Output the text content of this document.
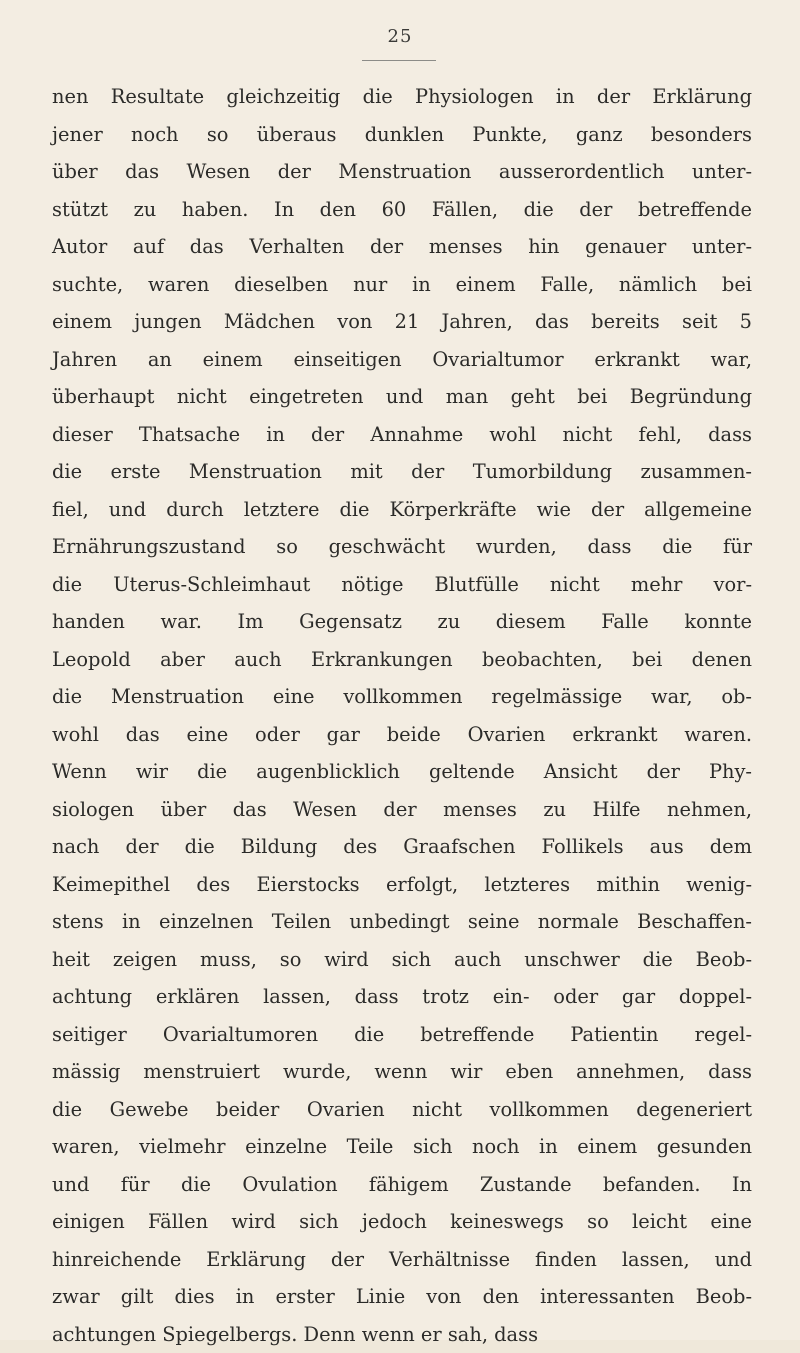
25
nen Resultate gleichzeitig die Physiologen in der Erklärung
jener noch so überaus dunklen Punkte, ganz besonders
über das Wesen der Menstruation ausserordentlich unter-
stützt zu haben. In den 60 Fällen, die der betreffende
Autor auf das Verhalten der menses hin genauer unter-
suchte, waren dieselben nur in einem Falle, nämlich bei
einem jungen Mädchen von 21 Jahren, das bereits seit 5
Jahren an einem einseitigen Ovarialtumor erkrankt war,
überhaupt nicht eingetreten und man geht bei Begründung
dieser Thatsache in der Annahme wohl nicht fehl, dass
die erste Menstruation mit der Tumorbildung zusammen-
fiel, und durch letztere die Körperkräfte wie der allgemeine
Ernährungszustand so geschwächt wurden, dass die für
die Uterus-Schleimhaut nötige Blutfülle nicht mehr vor-
handen war. Im Gegensatz zu diesem Falle konnte
Leopold aber auch Erkrankungen beobachten, bei denen
die Menstruation eine vollkommen regelmässige war, ob-
wohl das eine oder gar beide Ovarien erkrankt waren.
Wenn wir die augenblicklich geltende Ansicht der Phy-
siologen über das Wesen der menses zu Hilfe nehmen,
nach der die Bildung des Graafschen Follikels aus dem
Keimepithel des Eierstocks erfolgt, letzteres mithin wenig-
stens in einzelnen Teilen unbedingt seine normale Beschaffen-
heit zeigen muss, so wird sich auch unschwer die Beob-
achtung erklären lassen, dass trotz ein- oder gar doppel-
seitiger Ovarialtumoren die betreffende Patientin regel-
mässig menstruiert wurde, wenn wir eben annehmen, dass
die Gewebe beider Ovarien nicht vollkommen degeneriert
waren, vielmehr einzelne Teile sich noch in einem gesunden
und für die Ovulation fähigem Zustande befanden. In
einigen Fällen wird sich jedoch keineswegs so leicht eine
hinreichende Erklärung der Verhältnisse finden lassen, und
zwar gilt dies in erster Linie von den interessanten Beob-
achtungen Spiegelbergs. Denn wenn er sah, dass
